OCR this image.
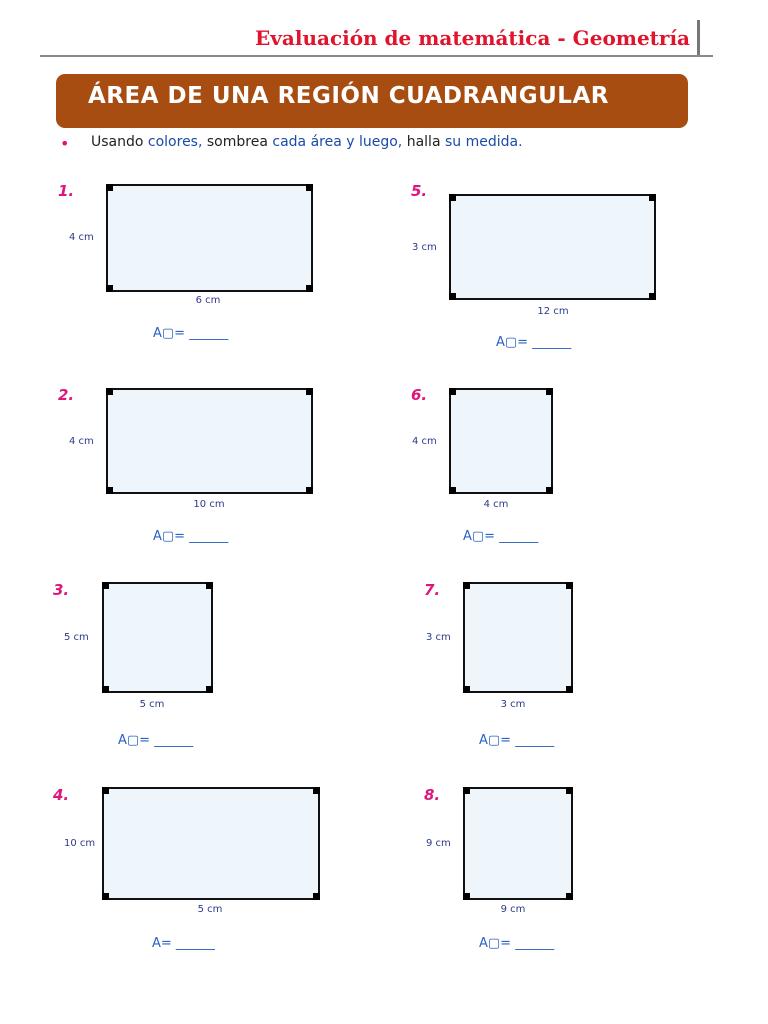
Evaluación de matemática - Geometría
ÁREA DE UNA REGIÓN CUADRANGULAR
• Usando colores, sombrea cada área y luego, halla su medida.
1.
4 cm
6 cm
A▢= ______
2.
4 cm
10 cm
A▢= ______
3.
5 cm
5 cm
A▢= ______
4.
10 cm
5 cm
A= ______
5.
3 cm
12 cm
A▢= ______
6.
4 cm
4 cm
A▢= ______
7.
3 cm
3 cm
A▢= ______
8.
9 cm
9 cm
A▢= ______
